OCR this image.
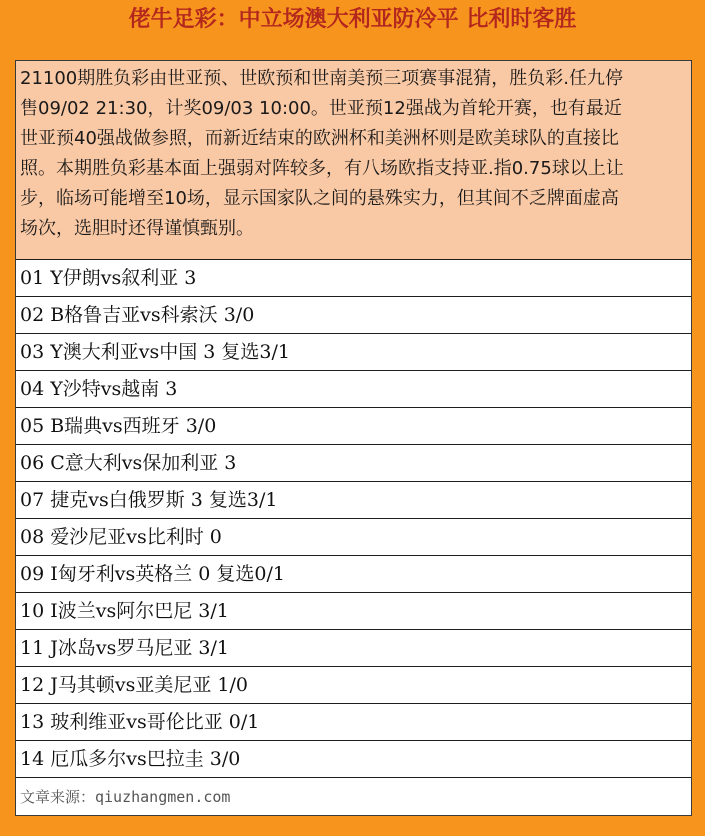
佬牛足彩：中立场澳大利亚防冷平 比利时客胜
21100期胜负彩由世亚预、世欧预和世南美预三项赛事混猜，胜负彩.任九停
售09/02 21:30，计奖09/03 10:00。世亚预12强战为首轮开赛，也有最近
世亚预40强战做参照，而新近结束的欧洲杯和美洲杯则是欧美球队的直接比
照。本期胜负彩基本面上强弱对阵较多，有八场欧指支持亚.指0.75球以上让
步，临场可能增至10场，显示国家队之间的悬殊实力，但其间不乏牌面虚高
场次，选胆时还得谨慎甄别。
01 Y伊朗vs叙利亚 3
02 B格鲁吉亚vs科索沃 3/0
03 Y澳大利亚vs中国 3 复选3/1
04 Y沙特vs越南 3
05 B瑞典vs西班牙 3/0
06 C意大利vs保加利亚 3
07 捷克vs白俄罗斯 3 复选3/1
08 爱沙尼亚vs比利时 0
09 I匈牙利vs英格兰 0 复选0/1
10 I波兰vs阿尔巴尼 3/1
11 J冰岛vs罗马尼亚 3/1
12 J马其顿vs亚美尼亚 1/0
13 玻利维亚vs哥伦比亚 0/1
14 厄瓜多尔vs巴拉圭 3/0
文章来源：qiuzhangmen.com
